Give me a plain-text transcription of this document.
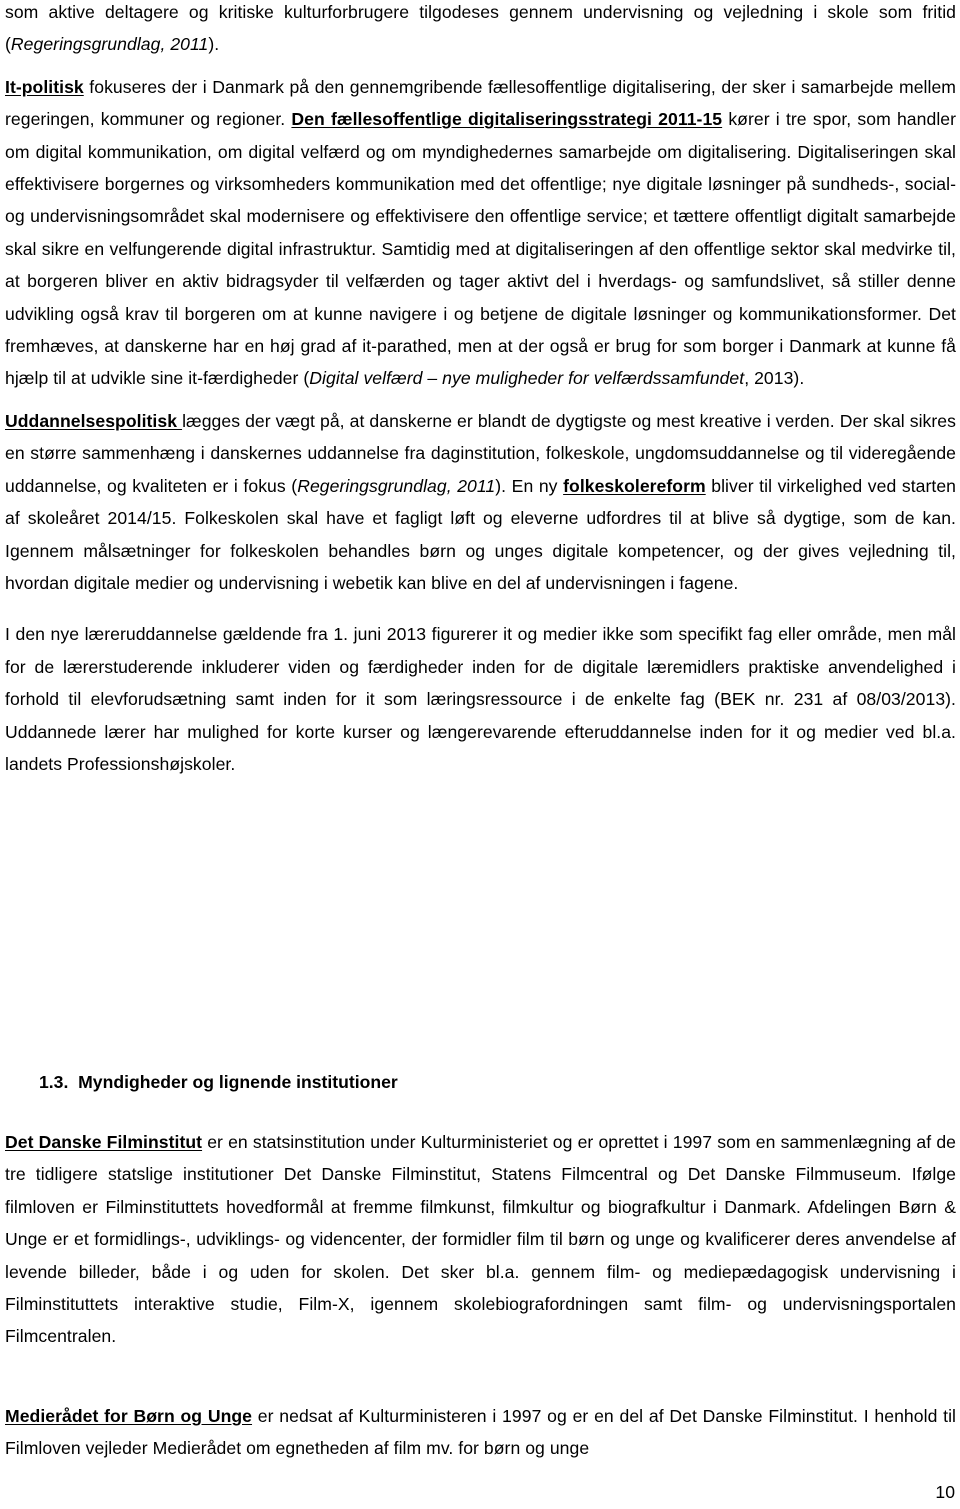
som aktive deltagere og kritiske kulturforbrugere tilgodeses gennem undervisning og vejledning i skole som fritid (Regeringsgrundlag, 2011).

It-politisk fokuseres der i Danmark på den gennemgribende fællesoffentlige digitalisering, der sker i samarbejde mellem regeringen, kommuner og regioner. Den fællesoffentlige digitaliseringsstrategi 2011-15 kører i tre spor, som handler om digital kommunikation, om digital velfærd og om myndighedernes samarbejde om digitalisering. Digitaliseringen skal effektivisere borgernes og virksomheders kommunikation med det offentlige; nye digitale løsninger på sundheds-, social- og undervisningsområdet skal modernisere og effektivisere den offentlige service; et tættere offentligt digitalt samarbejde skal sikre en velfungerende digital infrastruktur. Samtidig med at digitaliseringen af den offentlige sektor skal medvirke til, at borgeren bliver en aktiv bidragsyder til velfærden og tager aktivt del i hverdags- og samfundslivet, så stiller denne udvikling også krav til borgeren om at kunne navigere i og betjene de digitale løsninger og kommunikationsformer. Det fremhæves, at danskerne har en høj grad af it-parathed, men at der også er brug for som borger i Danmark at kunne få hjælp til at udvikle sine it-færdigheder (Digital velfærd – nye muligheder for velfærdssamfundet, 2013).

Uddannelsespolitisk lægges der vægt på, at danskerne er blandt de dygtigste og mest kreative i verden. Der skal sikres en større sammenhæng i danskernes uddannelse fra daginstitution, folkeskole, ungdomsuddannelse og til videregående uddannelse, og kvaliteten er i fokus (Regeringsgrundlag, 2011). En ny folkeskolereform bliver til virkelighed ved starten af skoleåret 2014/15. Folkeskolen skal have et fagligt løft og eleverne udfordres til at blive så dygtige, som de kan. Igennem målsætninger for folkeskolen behandles børn og unges digitale kompetencer, og der gives vejledning til, hvordan digitale medier og undervisning i webetik kan blive en del af undervisningen i fagene.

I den nye læreruddannelse gældende fra 1. juni 2013 figurerer it og medier ikke som specifikt fag eller område, men mål for de lærerstuderende inkluderer viden og færdigheder inden for de digitale læremidlers praktiske anvendelighed i forhold til elevforudsætning samt inden for it som læringsressource i de enkelte fag (BEK nr. 231 af 08/03/2013). Uddannede lærer har mulighed for korte kurser og længerevarende efteruddannelse inden for it og medier ved bl.a. landets Professionshøjskoler.

1.3. Myndigheder og lignende institutioner

Det Danske Filminstitut er en statsinstitution under Kulturministeriet og er oprettet i 1997 som en sammenlægning af de tre tidligere statslige institutioner Det Danske Filminstitut, Statens Filmcentral og Det Danske Filmmuseum. Ifølge filmloven er Filminstituttets hovedformål at fremme filmkunst, filmkultur og biografkultur i Danmark. Afdelingen Børn & Unge er et formidlings-, udviklings- og videncenter, der formidler film til børn og unge og kvalificerer deres anvendelse af levende billeder, både i og uden for skolen. Det sker bl.a. gennem film- og mediepædagogisk undervisning i Filminstituttets interaktive studie, Film-X, igennem skolebiografordningen samt film- og undervisningsportalen Filmcentralen.

Medierådet for Børn og Unge er nedsat af Kulturministeren i 1997 og er en del af Det Danske Filminstitut. I henhold til Filmloven vejleder Medierådet om egnetheden af film mv. for børn og unge

10
